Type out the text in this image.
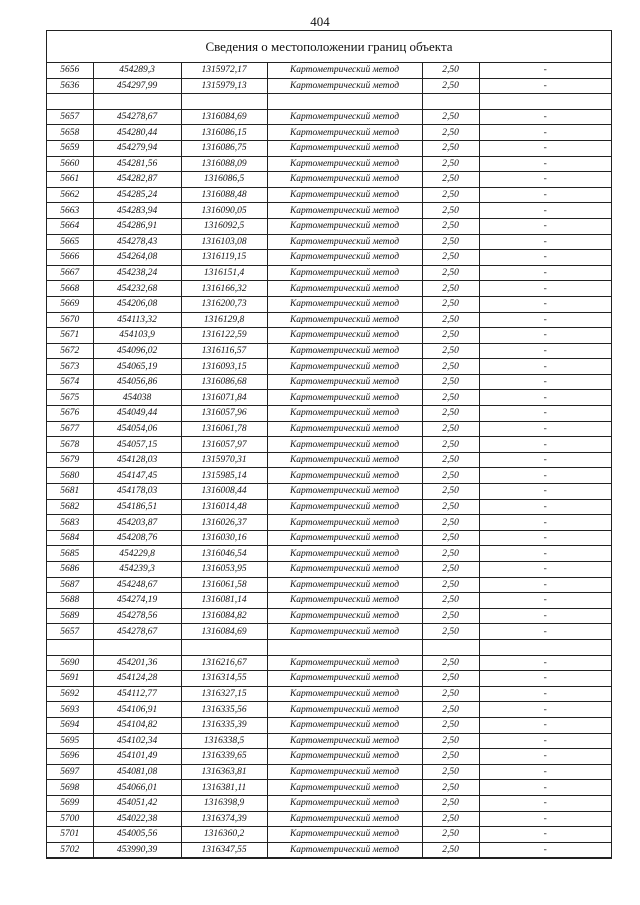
404
Сведения о местоположении границ объекта
5656	454289,3	1315972,17	Картометрический метод	2,50	-
5636	454297,99	1315979,13	Картометрический метод	2,50	-

5657	454278,67	1316084,69	Картометрический метод	2,50	-
5658	454280,44	1316086,15	Картометрический метод	2,50	-
5659	454279,94	1316086,75	Картометрический метод	2,50	-
5660	454281,56	1316088,09	Картометрический метод	2,50	-
5661	454282,87	1316086,5	Картометрический метод	2,50	-
5662	454285,24	1316088,48	Картометрический метод	2,50	-
5663	454283,94	1316090,05	Картометрический метод	2,50	-
5664	454286,91	1316092,5	Картометрический метод	2,50	-
5665	454278,43	1316103,08	Картометрический метод	2,50	-
5666	454264,08	1316119,15	Картометрический метод	2,50	-
5667	454238,24	1316151,4	Картометрический метод	2,50	-
5668	454232,68	1316166,32	Картометрический метод	2,50	-
5669	454206,08	1316200,73	Картометрический метод	2,50	-
5670	454113,32	1316129,8	Картометрический метод	2,50	-
5671	454103,9	1316122,59	Картометрический метод	2,50	-
5672	454096,02	1316116,57	Картометрический метод	2,50	-
5673	454065,19	1316093,15	Картометрический метод	2,50	-
5674	454056,86	1316086,68	Картометрический метод	2,50	-
5675	454038	1316071,84	Картометрический метод	2,50	-
5676	454049,44	1316057,96	Картометрический метод	2,50	-
5677	454054,06	1316061,78	Картометрический метод	2,50	-
5678	454057,15	1316057,97	Картометрический метод	2,50	-
5679	454128,03	1315970,31	Картометрический метод	2,50	-
5680	454147,45	1315985,14	Картометрический метод	2,50	-
5681	454178,03	1316008,44	Картометрический метод	2,50	-
5682	454186,51	1316014,48	Картометрический метод	2,50	-
5683	454203,87	1316026,37	Картометрический метод	2,50	-
5684	454208,76	1316030,16	Картометрический метод	2,50	-
5685	454229,8	1316046,54	Картометрический метод	2,50	-
5686	454239,3	1316053,95	Картометрический метод	2,50	-
5687	454248,67	1316061,58	Картометрический метод	2,50	-
5688	454274,19	1316081,14	Картометрический метод	2,50	-
5689	454278,56	1316084,82	Картометрический метод	2,50	-
5657	454278,67	1316084,69	Картометрический метод	2,50	-

5690	454201,36	1316216,67	Картометрический метод	2,50	-
5691	454124,28	1316314,55	Картометрический метод	2,50	-
5692	454112,77	1316327,15	Картометрический метод	2,50	-
5693	454106,91	1316335,56	Картометрический метод	2,50	-
5694	454104,82	1316335,39	Картометрический метод	2,50	-
5695	454102,34	1316338,5	Картометрический метод	2,50	-
5696	454101,49	1316339,65	Картометрический метод	2,50	-
5697	454081,08	1316363,81	Картометрический метод	2,50	-
5698	454066,01	1316381,11	Картометрический метод	2,50	-
5699	454051,42	1316398,9	Картометрический метод	2,50	-
5700	454022,38	1316374,39	Картометрический метод	2,50	-
5701	454005,56	1316360,2	Картометрический метод	2,50	-
5702	453990,39	1316347,55	Картометрический метод	2,50	-
